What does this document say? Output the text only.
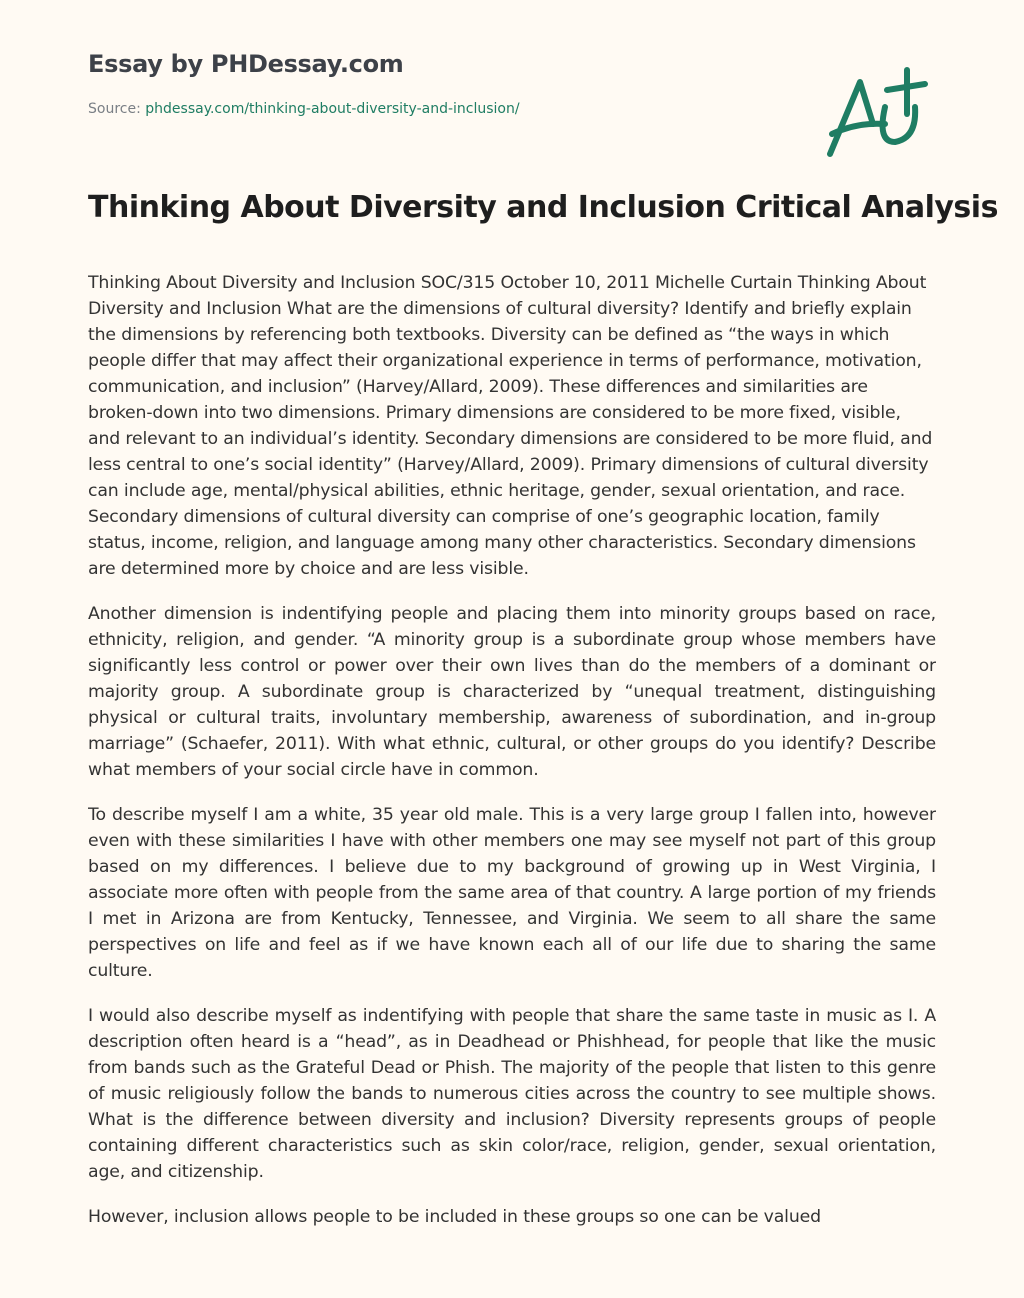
Essay by PHDessay.com
Source: phdessay.com/thinking-about-diversity-and-inclusion/
Thinking About Diversity and Inclusion Critical Analysis

Thinking About Diversity and Inclusion SOC/315 October 10, 2011 Michelle Curtain Thinking About Diversity and Inclusion What are the dimensions of cultural diversity? Identify and briefly explain the dimensions by referencing both textbooks. Diversity can be defined as “the ways in which people differ that may affect their organizational experience in terms of performance, motivation, communication, and inclusion” (Harvey/Allard, 2009). These differences and similarities are broken-down into two dimensions. Primary dimensions are considered to be more fixed, visible, and relevant to an individual’s identity. Secondary dimensions are considered to be more fluid, and less central to one’s social identity” (Harvey/Allard, 2009). Primary dimensions of cultural diversity can include age, mental/physical abilities, ethnic heritage, gender, sexual orientation, and race. Secondary dimensions of cultural diversity can comprise of one’s geographic location, family status, income, religion, and language among many other characteristics. Secondary dimensions are determined more by choice and are less visible.

Another dimension is indentifying people and placing them into minority groups based on race, ethnicity, religion, and gender. “A minority group is a subordinate group whose members have significantly less control or power over their own lives than do the members of a dominant or majority group. A subordinate group is characterized by “unequal treatment, distinguishing physical or cultural traits, involuntary membership, awareness of subordination, and in-group marriage” (Schaefer, 2011). With what ethnic, cultural, or other groups do you identify? Describe what members of your social circle have in common.

To describe myself I am a white, 35 year old male. This is a very large group I fallen into, however even with these similarities I have with other members one may see myself not part of this group based on my differences. I believe due to my background of growing up in West Virginia, I associate more often with people from the same area of that country. A large portion of my friends I met in Arizona are from Kentucky, Tennessee, and Virginia. We seem to all share the same perspectives on life and feel as if we have known each all of our life due to sharing the same culture.

I would also describe myself as indentifying with people that share the same taste in music as I. A description often heard is a “head”, as in Deadhead or Phishhead, for people that like the music from bands such as the Grateful Dead or Phish. The majority of the people that listen to this genre of music religiously follow the bands to numerous cities across the country to see multiple shows. What is the difference between diversity and inclusion? Diversity represents groups of people containing different characteristics such as skin color/race, religion, gender, sexual orientation, age, and citizenship.

However, inclusion allows people to be included in these groups so one can be valued
